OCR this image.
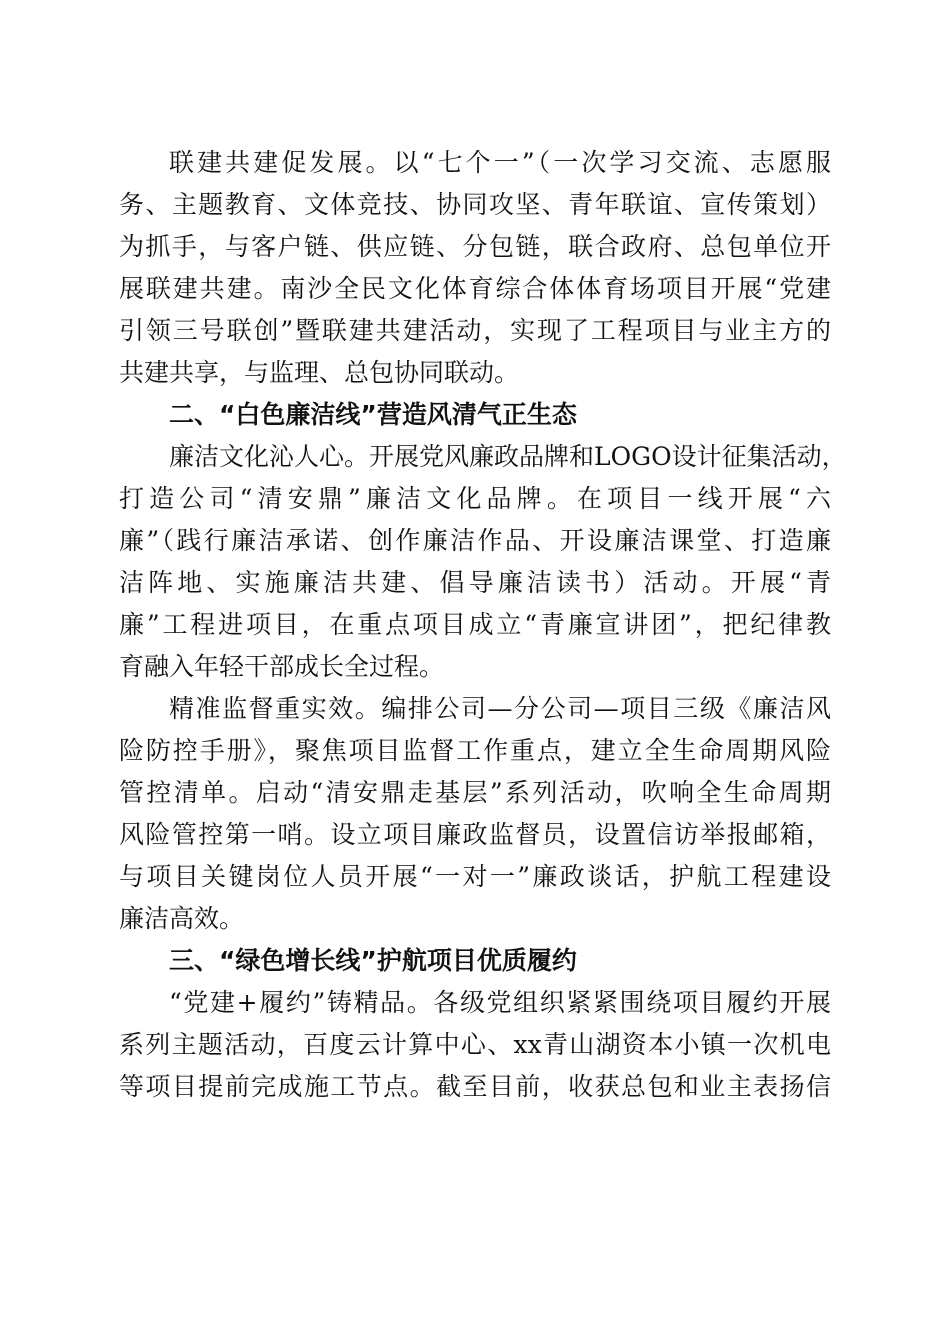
联建共建促发展。以“七个一”（一次学习交流、志愿服
务、主题教育、文体竞技、协同攻坚、青年联谊、宣传策划）
为抓手，与客户链、供应链、分包链，联合政府、总包单位开
展联建共建。南沙全民文化体育综合体体育场项目开展“党建
引领三号联创”暨联建共建活动，实现了工程项目与业主方的
共建共享，与监理、总包协同联动。
二、“白色廉洁线”营造风清气正生态
廉洁文化沁人心。开展党风廉政品牌和LOGO设计征集活动，
打造公司“清安鼎”廉洁文化品牌。在项目一线开展“六
廉”（践行廉洁承诺、创作廉洁作品、开设廉洁课堂、打造廉
洁阵地、实施廉洁共建、倡导廉洁读书）活动。开展“青
廉”工程进项目，在重点项目成立“青廉宣讲团”，把纪律教
育融入年轻干部成长全过程。
精准监督重实效。编排公司—分公司—项目三级《廉洁风
险防控手册》，聚焦项目监督工作重点，建立全生命周期风险
管控清单。启动“清安鼎走基层”系列活动，吹响全生命周期
风险管控第一哨。设立项目廉政监督员，设置信访举报邮箱，
与项目关键岗位人员开展“一对一”廉政谈话，护航工程建设
廉洁高效。
三、“绿色增长线”护航项目优质履约
“党建+履约”铸精品。各级党组织紧紧围绕项目履约开展
系列主题活动，百度云计算中心、xx青山湖资本小镇一次机电
等项目提前完成施工节点。截至目前，收获总包和业主表扬信
